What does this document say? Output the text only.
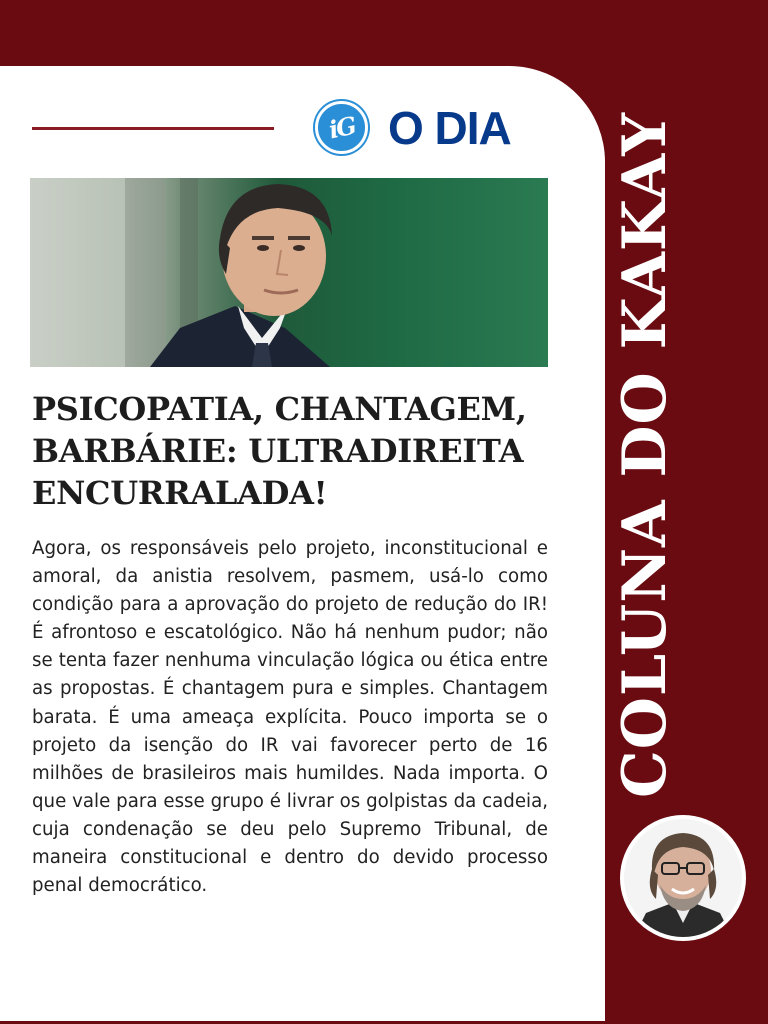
iG O DIA
PSICOPATIA, CHANTAGEM, BARBÁRIE: ULTRADIREITA ENCURRALADA!

Agora, os responsáveis pelo projeto, inconstitucional e amoral, da anistia resolvem, pasmem, usá-lo como condição para a aprovação do projeto de redução do IR! É afrontoso e escatológico. Não há nenhum pudor; não se tenta fazer nenhuma vinculação lógica ou ética entre as propostas. É chantagem pura e simples. Chantagem barata. É uma ameaça explícita. Pouco importa se o projeto da isenção do IR vai favorecer perto de 16 milhões de brasileiros mais humildes. Nada importa. O que vale para esse grupo é livrar os golpistas da cadeia, cuja condenação se deu pelo Supremo Tribunal, de maneira constitucional e dentro do devido processo penal democrático.

COLUNA DO KAKAY
